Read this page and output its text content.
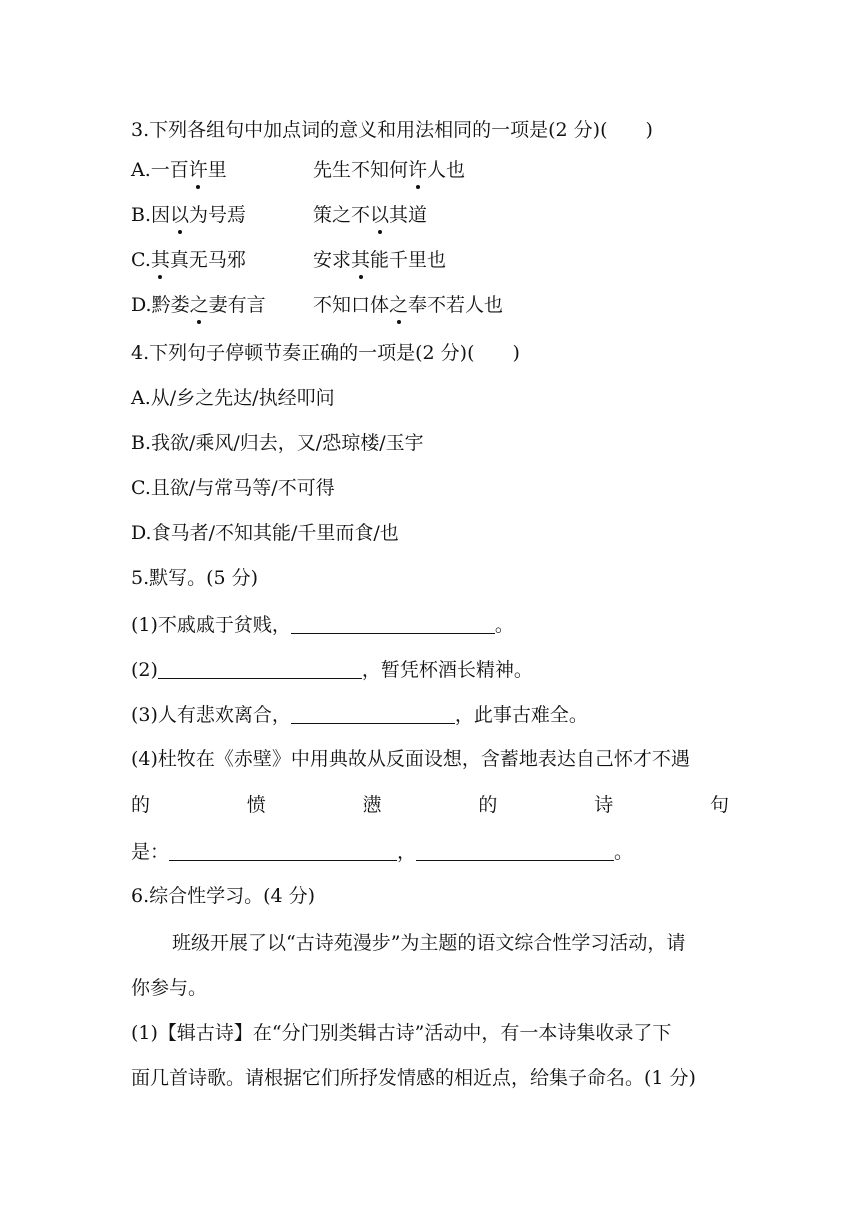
3.下列各组句中加点词的意义和用法相同的一项是(2 分)(　　)
A.一百许里	先生不知何许人也
B.因以为号焉	策之不以其道
C.其真无马邪	安求其能千里也
D.黔娄之妻有言 不知口体之奉不若人也
4.下列句子停顿节奏正确的一项是(2 分)(　　)
A.从/乡之先达/执经叩问
B.我欲/乘风/归去，又/恐琼楼/玉宇
C.且欲/与常马等/不可得
D.食马者/不知其能/千里而食/也
5.默写。(5 分)
(1)不戚戚于贫贱，	。
(2)	，暂凭杯酒长精神。
(3)人有悲欢离合，	，此事古难全。
(4)杜牧在《赤壁》中用典故从反面设想，含蓄地表达自己怀才不遇
的	愤	懑	的	诗	句
是：	，	。
6.综合性学习。(4 分)
班级开展了以“古诗苑漫步”为主题的语文综合性学习活动，请
你参与。
(1)【辑古诗】在“分门别类辑古诗”活动中，有一本诗集收录了下
面几首诗歌。请根据它们所抒发情感的相近点，给集子命名。(1 分)
